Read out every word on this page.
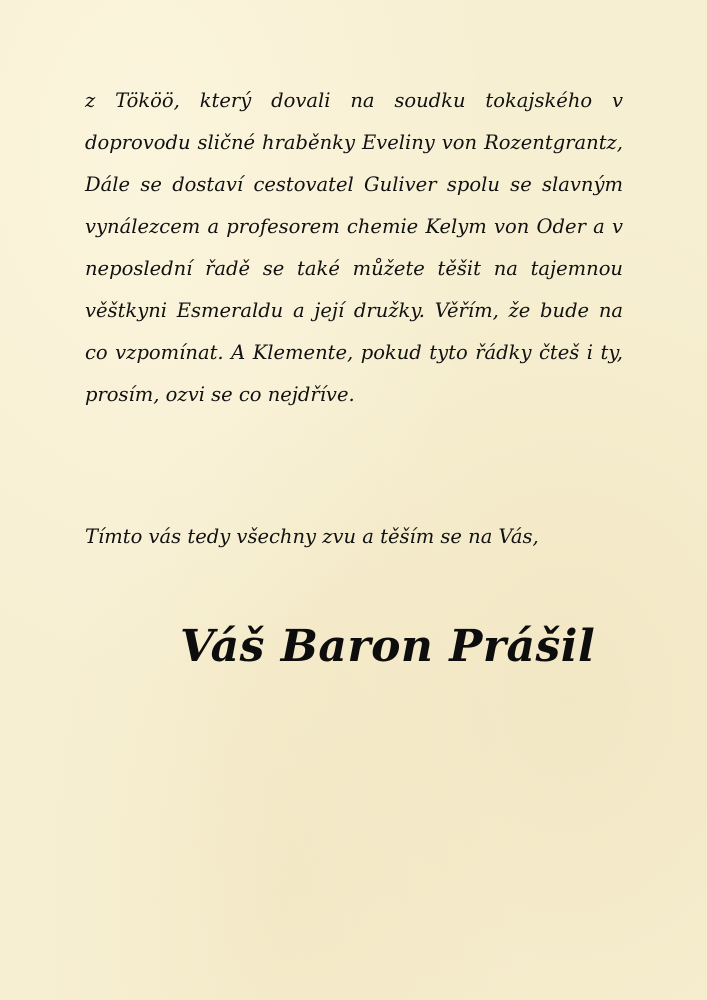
z Tököö, který dovali na soudku tokajského v doprovodu sličné hraběnky Eveliny von Rozentgrantz, Dále se dostaví cestovatel Guliver spolu se slavným vynálezcem a profesorem chemie Kelym von Oder a v neposlední řadě se také můžete těšit na tajemnou věštkyni Esmeraldu a její družky. Věřím, že bude na co vzpomínat. A Klemente, pokud tyto řádky čteš i ty, prosím, ozvi se co nejdříve.

Tímto vás tedy všechny zvu a těším se na Vás,

Váš Baron Prášil
